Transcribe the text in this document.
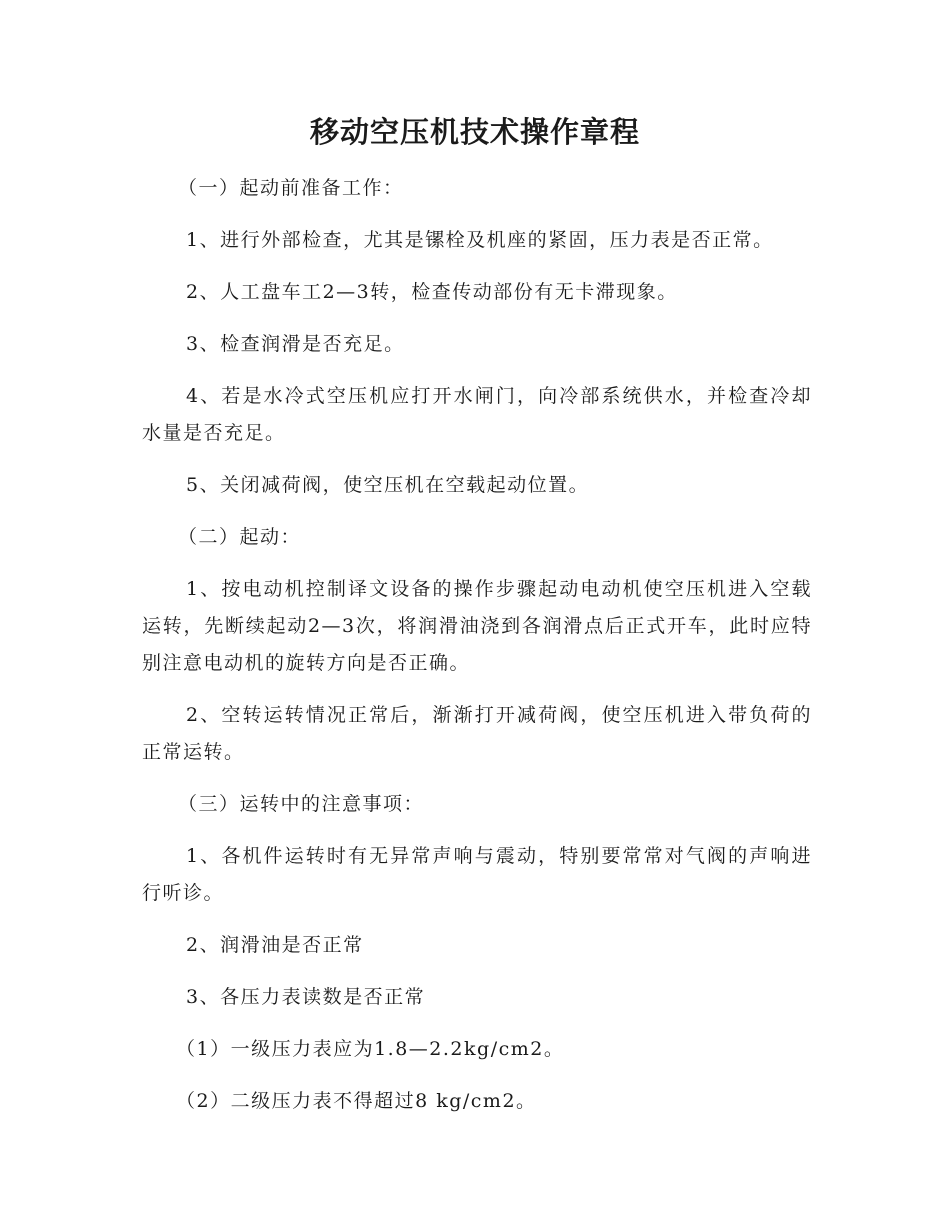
移动空压机技术操作章程

（一）起动前准备工作：

1、进行外部检查，尤其是镙栓及机座的紧固，压力表是否正常。

2、人工盘车工2—3转，检查传动部份有无卡滞现象。

3、检查润滑是否充足。

4、若是水冷式空压机应打开水闸门，向冷部系统供水，并检查冷却水量是否充足。

5、关闭减荷阀，使空压机在空载起动位置。

（二）起动：

1、按电动机控制译文设备的操作步骤起动电动机使空压机进入空载运转，先断续起动2—3次，将润滑油浇到各润滑点后正式开车，此时应特别注意电动机的旋转方向是否正确。

2、空转运转情况正常后，渐渐打开减荷阀，使空压机进入带负荷的正常运转。

（三）运转中的注意事项：

1、各机件运转时有无异常声响与震动，特别要常常对气阀的声响进行听诊。

2、润滑油是否正常

3、各压力表读数是否正常

（1）一级压力表应为1.8—2.2kg/cm2。

（2）二级压力表不得超过8 kg/cm2。
